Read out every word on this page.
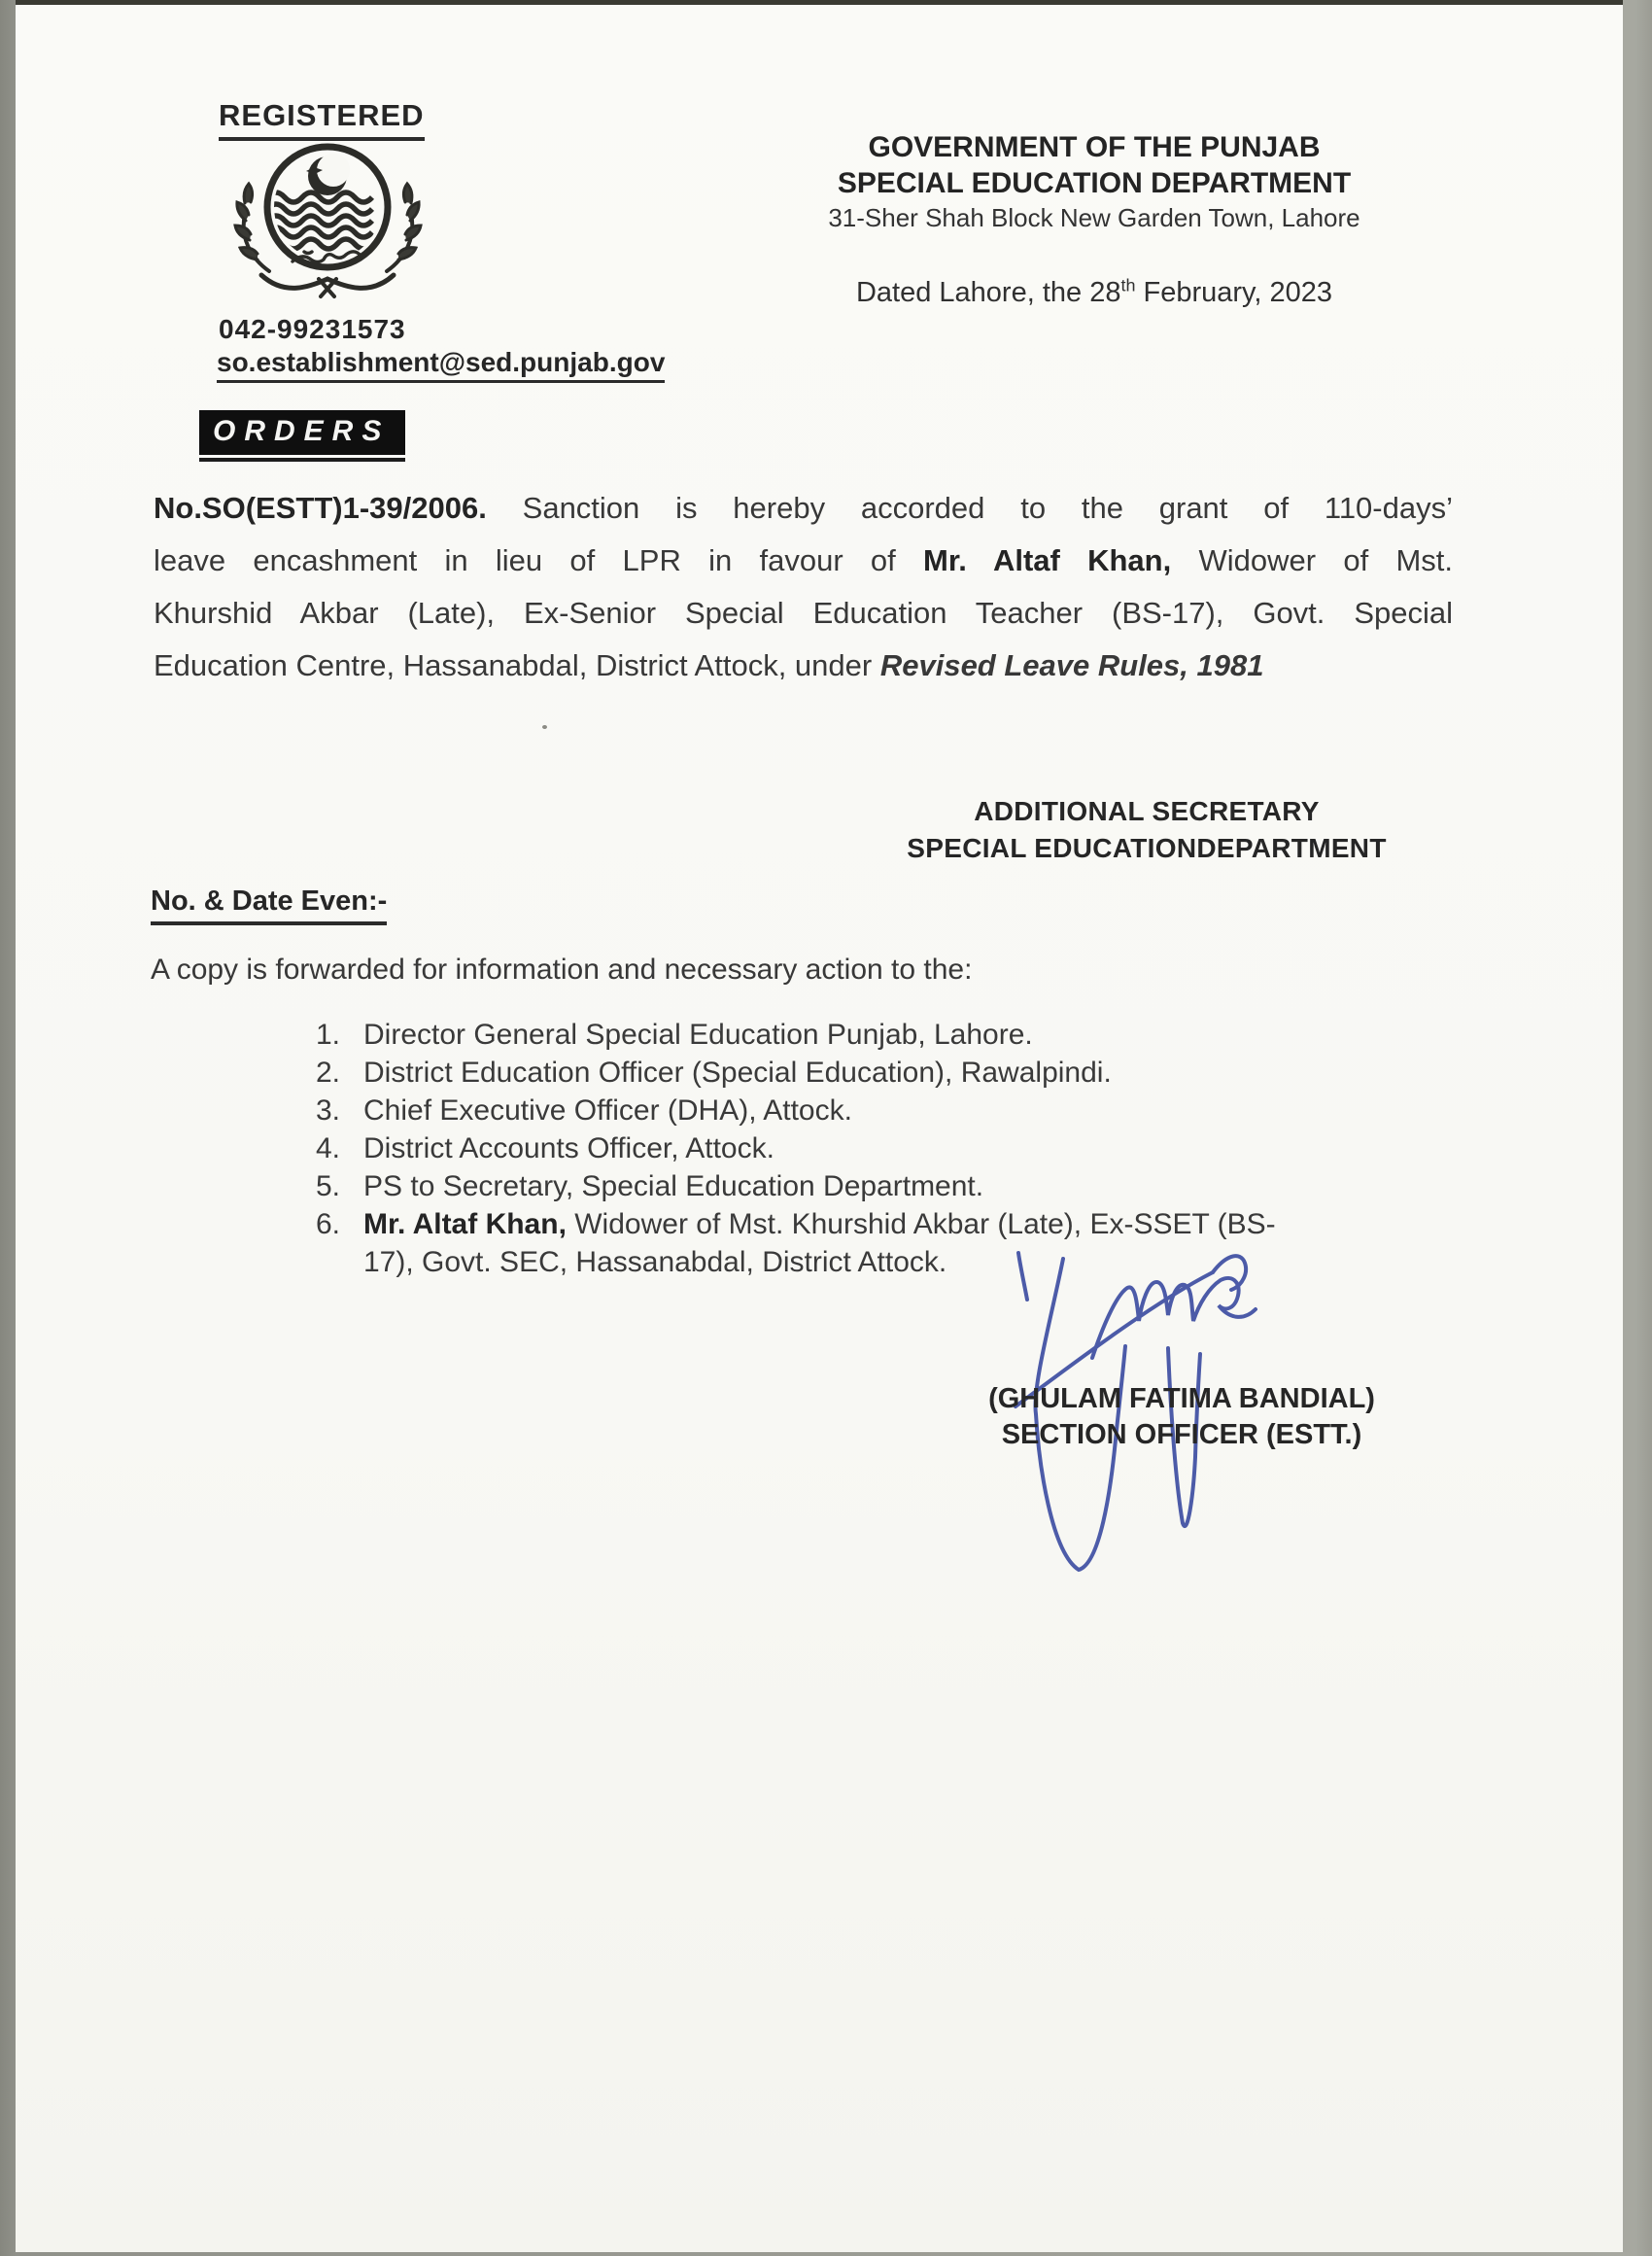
REGISTERED
042-99231573
so.establishment@sed.punjab.gov
GOVERNMENT OF THE PUNJAB
SPECIAL EDUCATION DEPARTMENT
31-Sher Shah Block New Garden Town, Lahore
Dated Lahore, the 28th February, 2023
ORDERS
No.SO(ESTT)1-39/2006. Sanction is hereby accorded to the grant of 110-days’
leave encashment in lieu of LPR in favour of Mr. Altaf Khan, Widower of Mst.
Khurshid Akbar (Late), Ex-Senior Special Education Teacher (BS-17), Govt. Special
Education Centre, Hassanabdal, District Attock, under Revised Leave Rules, 1981
ADDITIONAL SECRETARY
SPECIAL EDUCATIONDEPARTMENT
No. & Date Even:-
A copy is forwarded for information and necessary action to the:
1. Director General Special Education Punjab, Lahore.
2. District Education Officer (Special Education), Rawalpindi.
3. Chief Executive Officer (DHA), Attock.
4. District Accounts Officer, Attock.
5. PS to Secretary, Special Education Department.
6. Mr. Altaf Khan, Widower of Mst. Khurshid Akbar (Late), Ex-SSET (BS-
17), Govt. SEC, Hassanabdal, District Attock.
(GHULAM FATIMA BANDIAL)
SECTION OFFICER (ESTT.)
